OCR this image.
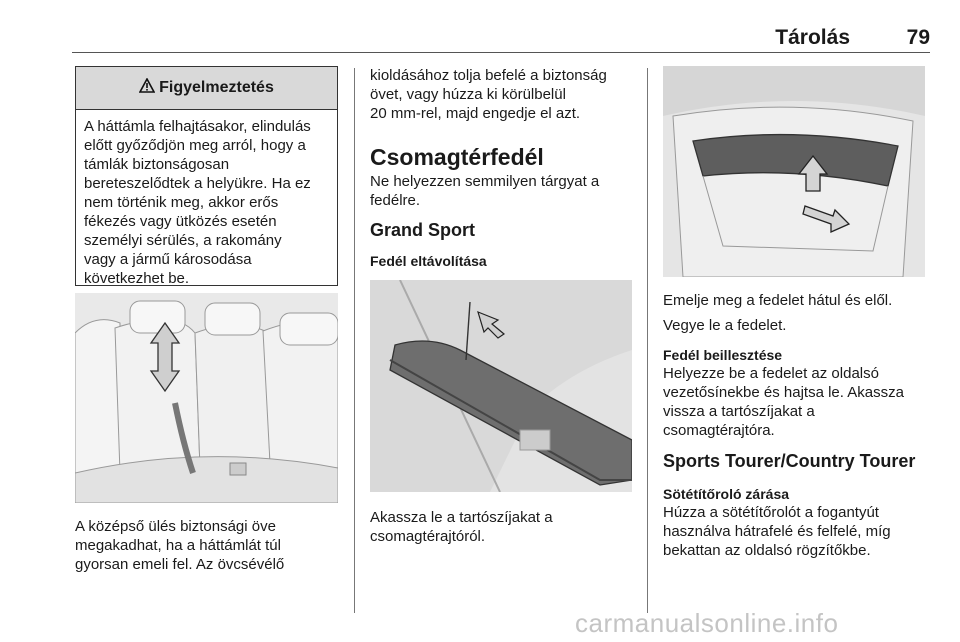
Tárolás	79
Figyelmeztetés
A háttámla felhajtásakor, elindulás
előtt győződjön meg arról, hogy a
támlák biztonságosan
bereteszelődtek a helyükre. Ha ez
nem történik meg, akkor erős
fékezés vagy ütközés esetén
személyi sérülés, a rakomány
vagy a jármű károsodása
következhet be.
A középső ülés biztonsági öve
megakadhat, ha a háttámlát túl
gyorsan emeli fel. Az övcsévélő
kioldásához tolja befelé a biztonság
övet, vagy húzza ki körülbelül
20 mm-rel, majd engedje el azt.
Csomagtérfedél
Ne helyezzen semmilyen tárgyat a
fedélre.
Grand Sport
Fedél eltávolítása
Akassza le a tartószíjakat a
csomagtérajtóról.
Emelje meg a fedelet hátul és elől.
Vegye le a fedelet.
Fedél beillesztése
Helyezze be a fedelet az oldalsó
vezetősínekbe és hajtsa le. Akassza
vissza a tartószíjakat a
csomagtérajtóra.
Sports Tourer/Country Tourer
Sötétítőroló zárása
Húzza a sötétítőrolót a fogantyút
használva hátrafelé és felfelé, míg
bekattan az oldalsó rögzítőkbe.
carmanualsonline.info
